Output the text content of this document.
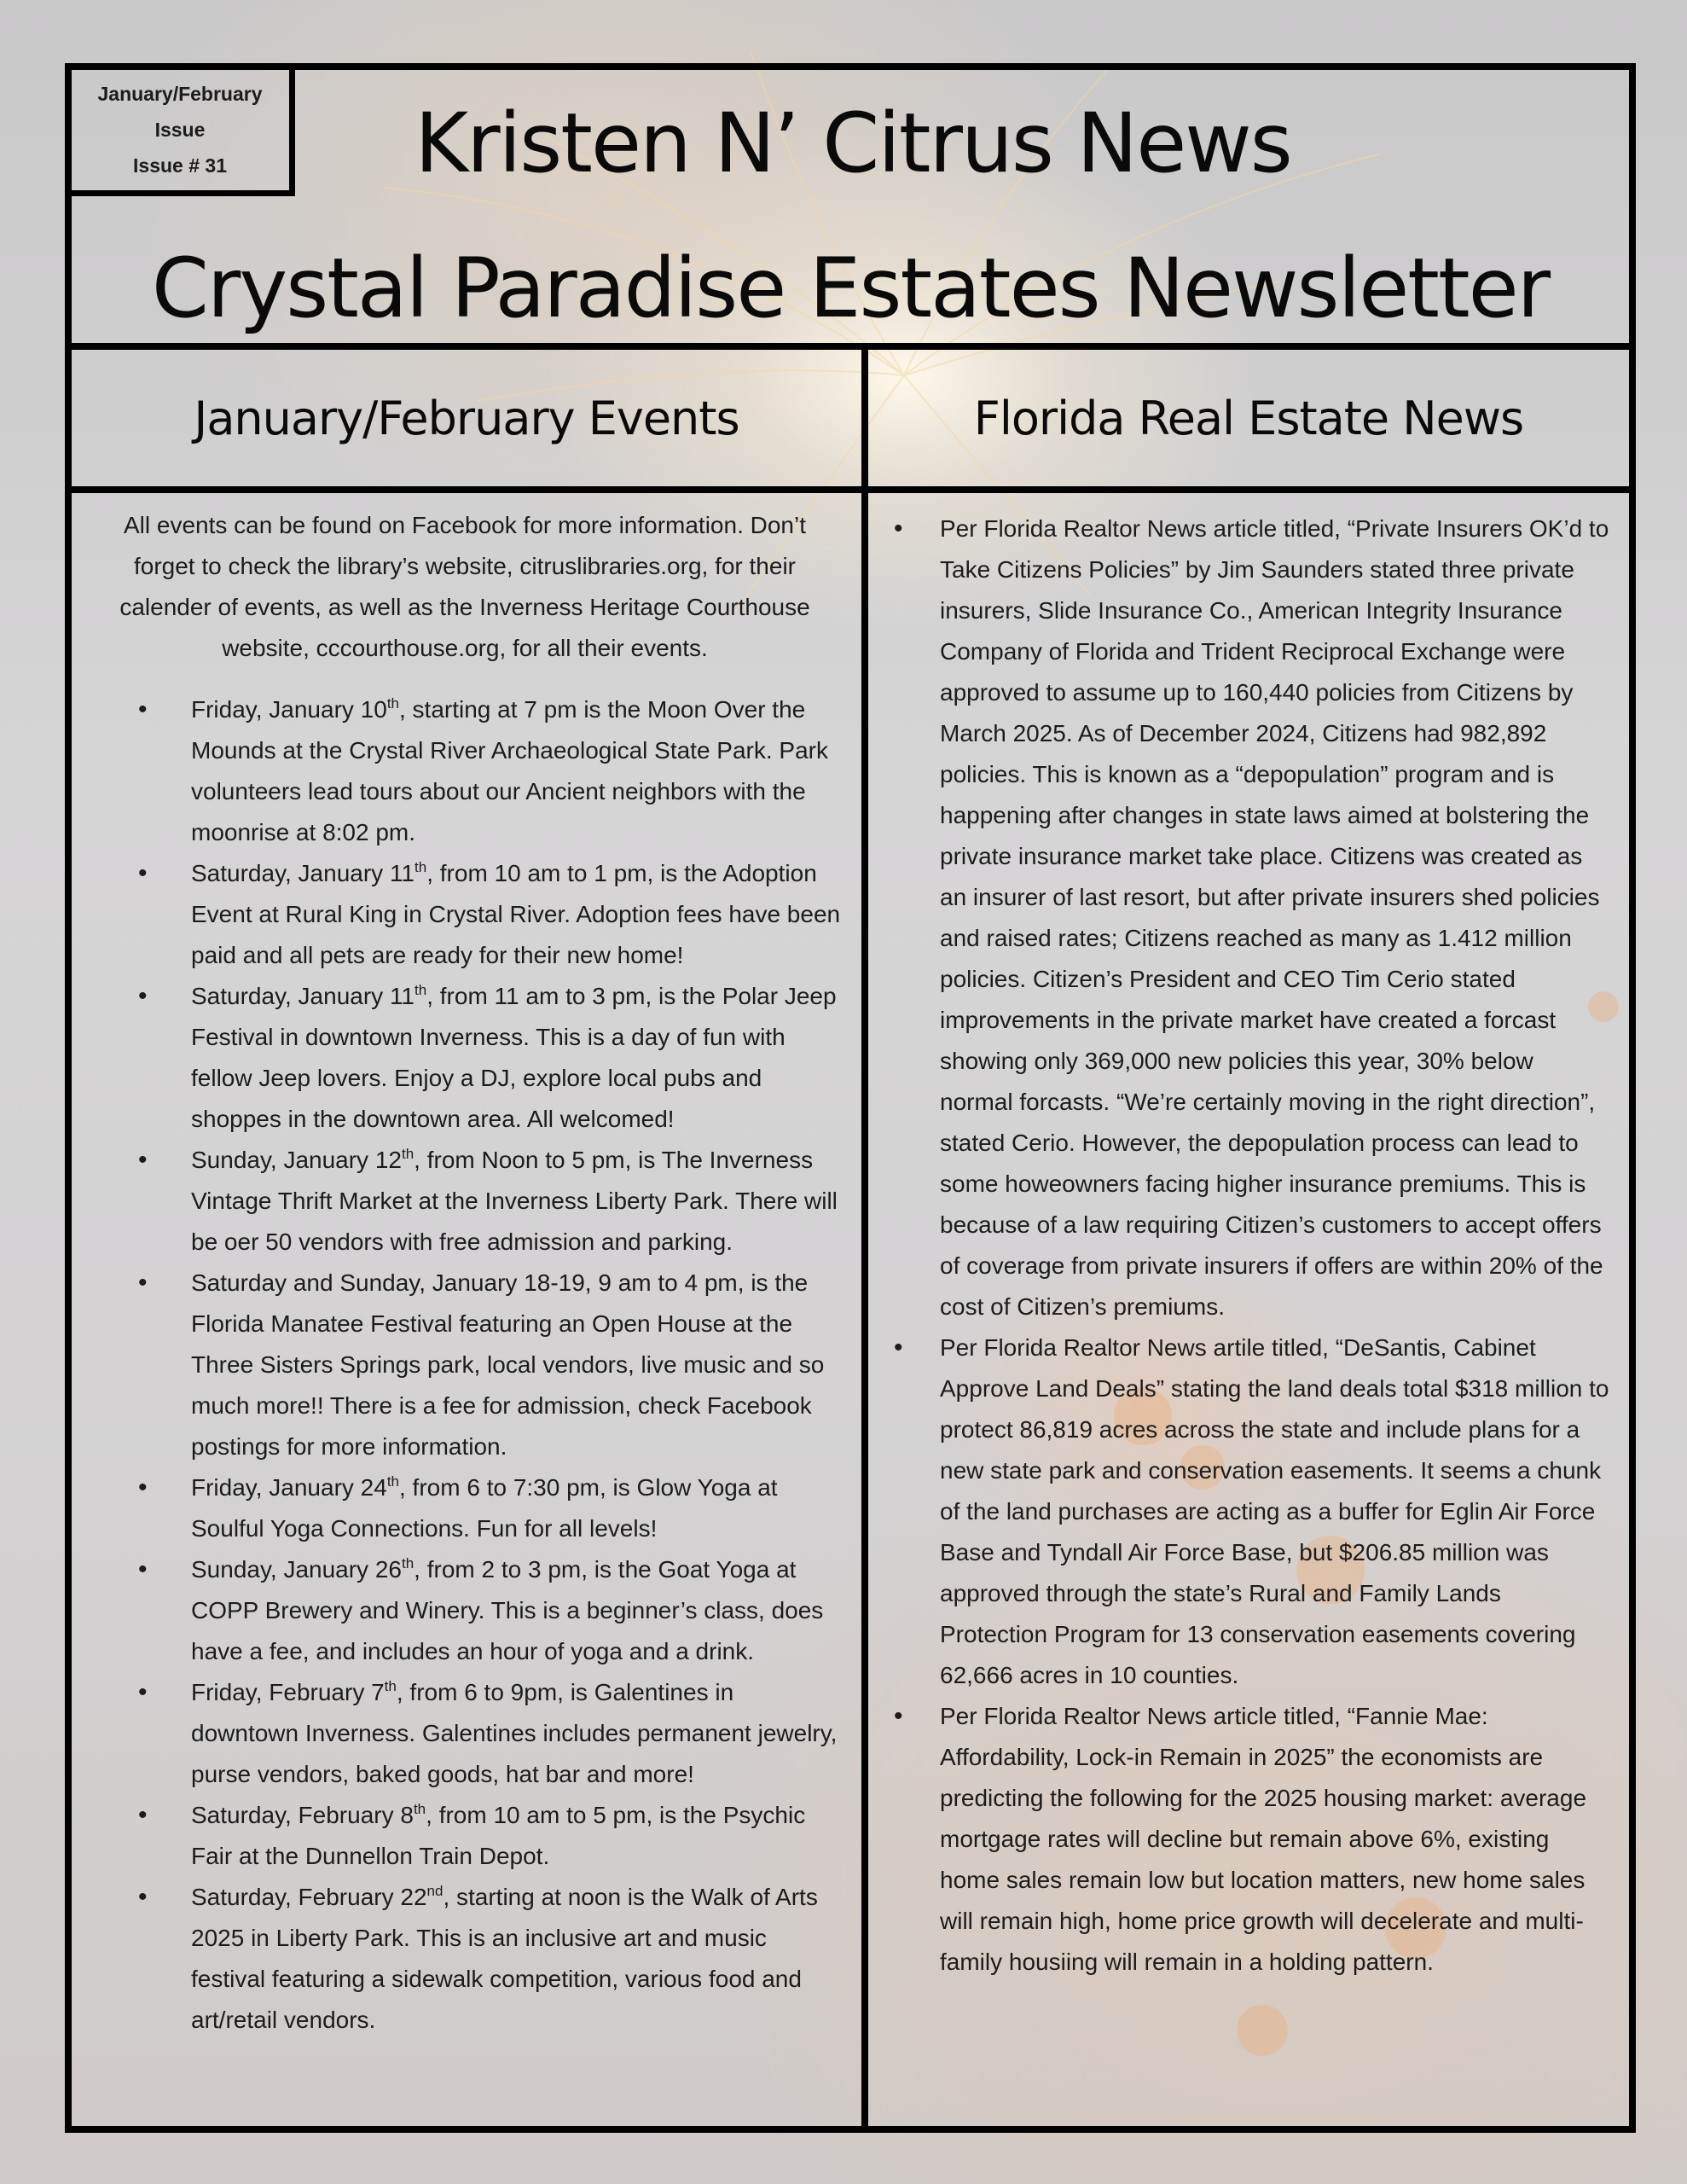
January/February
Issue
Issue # 31	Kristen N’ Citrus News
Crystal Paradise Estates Newsletter
January/February Events	Florida Real Estate News
All events can be found on Facebook for more information. Don’t forget to check the library’s website, citruslibraries.org, for their calender of events, as well as the Inverness Heritage Courthouse website, cccourthouse.org, for all their events.
• Friday, January 10th, starting at 7 pm is the Moon Over the Mounds at the Crystal River Archaeological State Park. Park volunteers lead tours about our Ancient neighbors with the moonrise at 8:02 pm.
• Saturday, January 11th, from 10 am to 1 pm, is the Adoption Event at Rural King in Crystal River. Adoption fees have been paid and all pets are ready for their new home!
• Saturday, January 11th, from 11 am to 3 pm, is the Polar Jeep Festival in downtown Inverness. This is a day of fun with fellow Jeep lovers. Enjoy a DJ, explore local pubs and shoppes in the downtown area. All welcomed!
• Sunday, January 12th, from Noon to 5 pm, is The Inverness Vintage Thrift Market at the Inverness Liberty Park. There will be oer 50 vendors with free admission and parking.
• Saturday and Sunday, January 18-19, 9 am to 4 pm, is the Florida Manatee Festival featuring an Open House at the Three Sisters Springs park, local vendors, live music and so much more!! There is a fee for admission, check Facebook postings for more information.
• Friday, January 24th, from 6 to 7:30 pm, is Glow Yoga at Soulful Yoga Connections. Fun for all levels!
• Sunday, January 26th, from 2 to 3 pm, is the Goat Yoga at COPP Brewery and Winery. This is a beginner’s class, does have a fee, and includes an hour of yoga and a drink.
• Friday, February 7th, from 6 to 9pm, is Galentines in downtown Inverness. Galentines includes permanent jewelry, purse vendors, baked goods, hat bar and more!
• Saturday, February 8th, from 10 am to 5 pm, is the Psychic Fair at the Dunnellon Train Depot.
• Saturday, February 22nd, starting at noon is the Walk of Arts 2025 in Liberty Park. This is an inclusive art and music festival featuring a sidewalk competition, various food and art/retail vendors.
• Per Florida Realtor News article titled, “Private Insurers OK’d to Take Citizens Policies” by Jim Saunders stated three private insurers, Slide Insurance Co., American Integrity Insurance Company of Florida and Trident Reciprocal Exchange were approved to assume up to 160,440 policies from Citizens by March 2025. As of December 2024, Citizens had 982,892 policies. This is known as a “depopulation” program and is happening after changes in state laws aimed at bolstering the private insurance market take place. Citizens was created as an insurer of last resort, but after private insurers shed policies and raised rates; Citizens reached as many as 1.412 million policies. Citizen’s President and CEO Tim Cerio stated improvements in the private market have created a forcast showing only 369,000 new policies this year, 30% below normal forcasts. “We’re certainly moving in the right direction”, stated Cerio. However, the depopulation process can lead to some howeowners facing higher insurance premiums. This is because of a law requiring Citizen’s customers to accept offers of coverage from private insurers if offers are within 20% of the cost of Citizen’s premiums.
• Per Florida Realtor News artile titled, “DeSantis, Cabinet Approve Land Deals” stating the land deals total $318 million to protect 86,819 acres across the state and include plans for a new state park and conservation easements. It seems a chunk of the land purchases are acting as a buffer for Eglin Air Force Base and Tyndall Air Force Base, but $206.85 million was approved through the state’s Rural and Family Lands Protection Program for 13 conservation easements covering 62,666 acres in 10 counties.
• Per Florida Realtor News article titled, “Fannie Mae: Affordability, Lock-in Remain in 2025” the economists are predicting the following for the 2025 housing market: average mortgage rates will decline but remain above 6%, existing home sales remain low but location matters, new home sales will remain high, home price growth will decelerate and multi-family housiing will remain in a holding pattern.
